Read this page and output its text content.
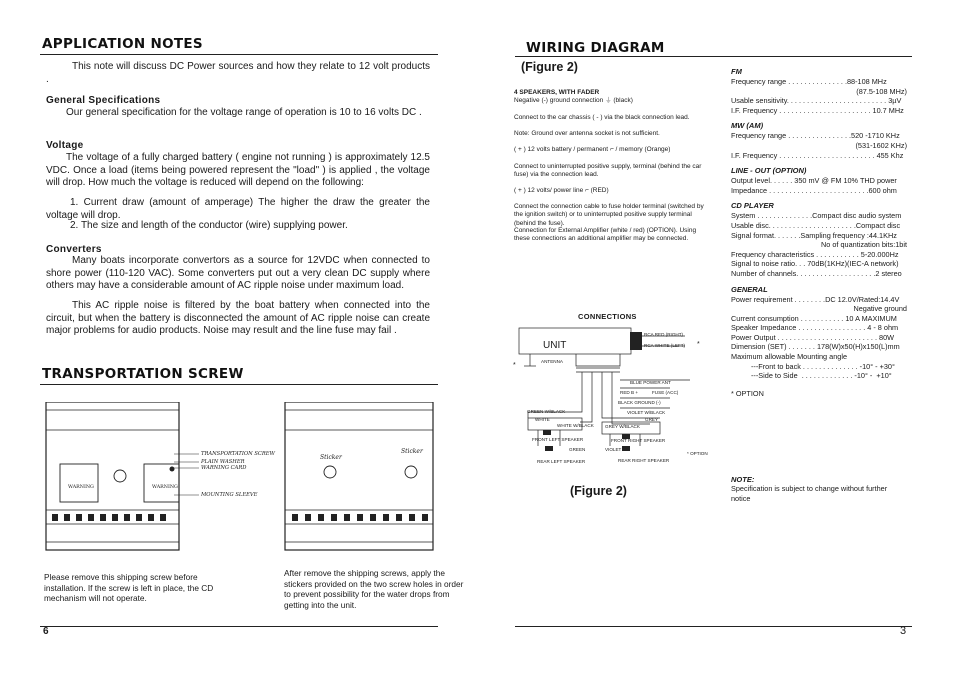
APPLICATION NOTES

This note will discuss DC Power sources and how they relate to 12 volt products .

General Specifications

Our general specification for the voltage range of operation is 10 to 16 volts DC .

Voltage

The voltage of a fully charged battery ( engine not running ) is approximately 12.5 VDC. Once a load (items being powered represent the "load" ) is applied , the voltage will drop. How much the voltage is reduced will depend on the following:

1. Current draw (amount of amperage) The higher the draw the greater the voltage will drop.

2. The size and length of the conductor (wire) supplying power.

Converters

Many boats incorporate convertors as a source for 12VDC when connected to shore power (110-120 VAC). Some converters put out a very clean DC supply where others may have a considerable amount of AC ripple noise under maximum load.

This AC ripple noise is filtered by the boat battery when connected into the circuit, but when the battery is disconnected the amount of AC ripple noise can create major problems for audio products. Noise may result and the line fuse may fail .

TRANSPORTATION SCREW
TRANSPORTATION SCREW
PLAIN WASHER
WARNING CARD
MOUNTING SLEEVE
WARNING	WARNING
Sticker
Sticker

Please remove this shipping screw before installation. If the screw is left in place, the CD mechanism will not operate.

After remove the shipping screws, apply the stickers provided on the two screw holes in order to prevent possibility for the water drops from getting into the unit.

6
WIRING DIAGRAM
(Figure 2)

4 SPEAKERS, WITH FADER

Negative (-) ground connection ⏚ (black)

Connect to the car chassis ( - ) via the black connection lead.

Note: Ground over antenna socket is not sufficient.

( + ) 12 volts battery / permanent ⌐ / memory (Orange)

Connect to uninterrupted positive supply, terminal (behind the car fuse) via the connection lead.

( + ) 12 volts/ power line ⌐ (RED)

Connect the connection cable to fuse holder terminal (switched by the ignition switch) or to uninterrupted positive supply terminal (behind the fuse).

Connection for External Amplifier (white / red) (OPTION). Using these connections an additional amplifier may be connected.

CONNECTIONS
UNIT
RCA RED (RIGHT)
RCA WHITE (LEFT) *
*
ANTENNA
BLUE POWER ANT
RED B +	FUSE (ACC)
BLACK GROUND (-)
VIOLET W/BLACK
GREEN W/BLACK
WHITE	GREY
WHITE W/BLACK GREY W/BLACK
FRONT LEFT SPEAKER	FRONT RIGHT SPEAKER
GREEN	VIOLET
REAR LEFT SPEAKER	REAR RIGHT SPEAKER
* OPTION
(Figure 2)

FM

Frequency range . . . . . . . . . . . . . . .88-108 MHz

(87.5-108 MHz)

Usable sensitivity. . . . . . . . . . . . . . . . . . . . . . . . . 3µV

I.F. Frequency . . . . . . . . . . . . . . . . . . . . . . . 10.7 MHz

MW (AM)

Frequency range . . . . . . . . . . . . . . . .520 -1710 KHz

(531-1602 KHz)

I.F. Frequency . . . . . . . . . . . . . . . . . . . . . . . . 455 Khz

LINE - OUT (OPTION)

Output level. . . . . . 350 mV @ FM 10% THD power

Impedance . . . . . . . . . . . . . . . . . . . . . . . . .600 ohm

CD PLAYER

System . . . . . . . . . . . . . .Compact disc audio system

Usable disc. . . . . . . . . . . . . . . . . . . . . .Compact disc

Signal format. . . . . . .Sampling frequency :44.1KHz

No of quantization bits:1bit

Frequency characteristics . . . . . . . . . . . 5-20.000Hz

Signal to noise ratio. . . 70dB(1KHz)(IEC-A network)

Number of channels. . . . . . . . . . . . . . . . . . . .2 stereo

GENERAL

Power requirement . . . . . . . .DC 12.0V/Rated:14.4V

Negative ground

Current consumption . . . . . . . . . . . 10 A MAXIMUM

Speaker Impedance . . . . . . . . . . . . . . . . . 4 - 8 ohm

Power Output . . . . . . . . . . . . . . . . . . . . . . . . . 80W

Dimension (SET) . . . . . . . 178(W)x50(H)x150(L)mm

Maximum allowable Mounting angle

---Front to back . . . . . . . . . . . . . . -10° - +30°

---Side to Side  . . . . . . . . . . . . . -10° -  +10°

* OPTION

NOTE:

Specification is subject to change without further notice

3
